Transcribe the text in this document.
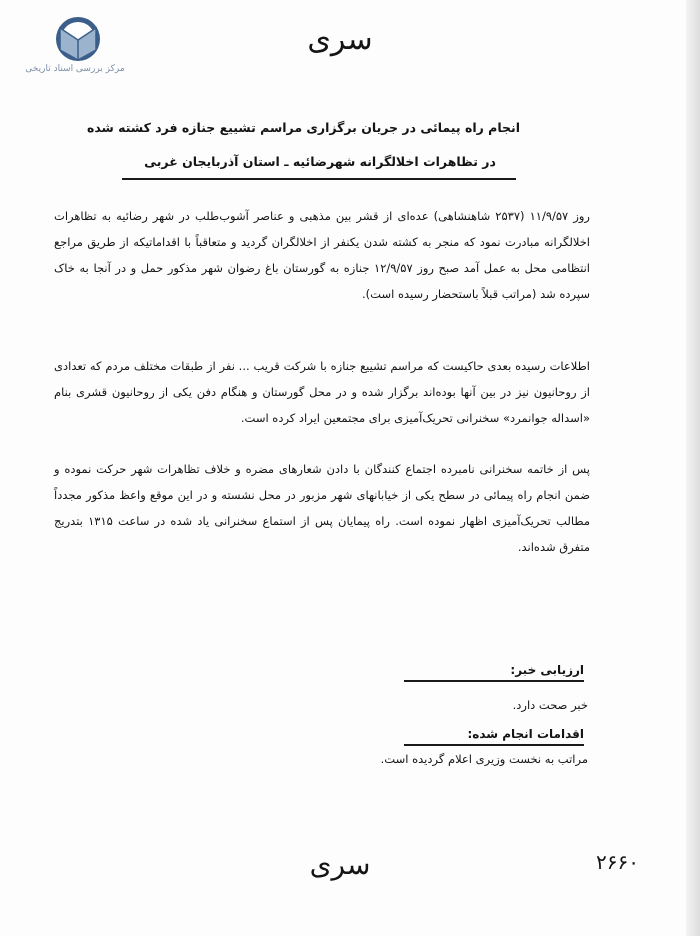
مرکز بررسی اسناد تاریخی
سری
انجام راه پیمائی در جریان برگزاری مراسم تشییع جنازه فرد کشته شده
در تظاهرات اخلالگرانه شهرضائیه ـ استان آذربایجان غربی
روز ۱۱/۹/۵۷ (۲۵۳۷ شاهنشاهی) عده‌ای از قشر بین مذهبی و عناصر آشوب‌طلب در شهر رضائیه به تظاهرات اخلالگرانه مبادرت نمود که منجر به کشته شدن یکنفر از اخلالگران گردید و متعاقباً با اقداماتیکه از طریق مراجع انتظامی محل به عمل آمد صبح روز ۱۲/۹/۵۷ جنازه به گورستان باغ رضوان شهر مذکور حمل و در آنجا به خاک سپرده شد (مراتب قبلاً باستحضار رسیده است).
اطلاعات رسیده بعدی حاکیست که مراسم تشییع جنازه با شرکت قریب ... نفر از طبقات مختلف مردم که تعدادی از روحانیون نیز در بین آنها بوده‌اند برگزار شده و در محل گورستان و هنگام دفن یکی از روحانیون قشری بنام «اسداله جوانمرد» سخنرانی تحریک‌آمیزی برای مجتمعین ایراد کرده است.
پس از خاتمه سخنرانی نامبرده اجتماع کنندگان با دادن شعارهای مضره و خلاف تظاهرات شهر حرکت نموده و ضمن انجام راه پیمائی در سطح یکی از خیابانهای شهر مزبور در محل نشسته و در این موقع واعظ مذکور مجدداً مطالب تحریک‌آمیزی اظهار نموده است. راه پیمایان پس از استماع سخنرانی یاد شده در ساعت ۱۳۱۵ بتدریج متفرق شده‌اند.
ارزیابی خبر:
خبر صحت دارد.
اقدامات انجام شده:
مراتب به نخست وزیری اعلام گردیده است.
سری	۲۶۶۰
